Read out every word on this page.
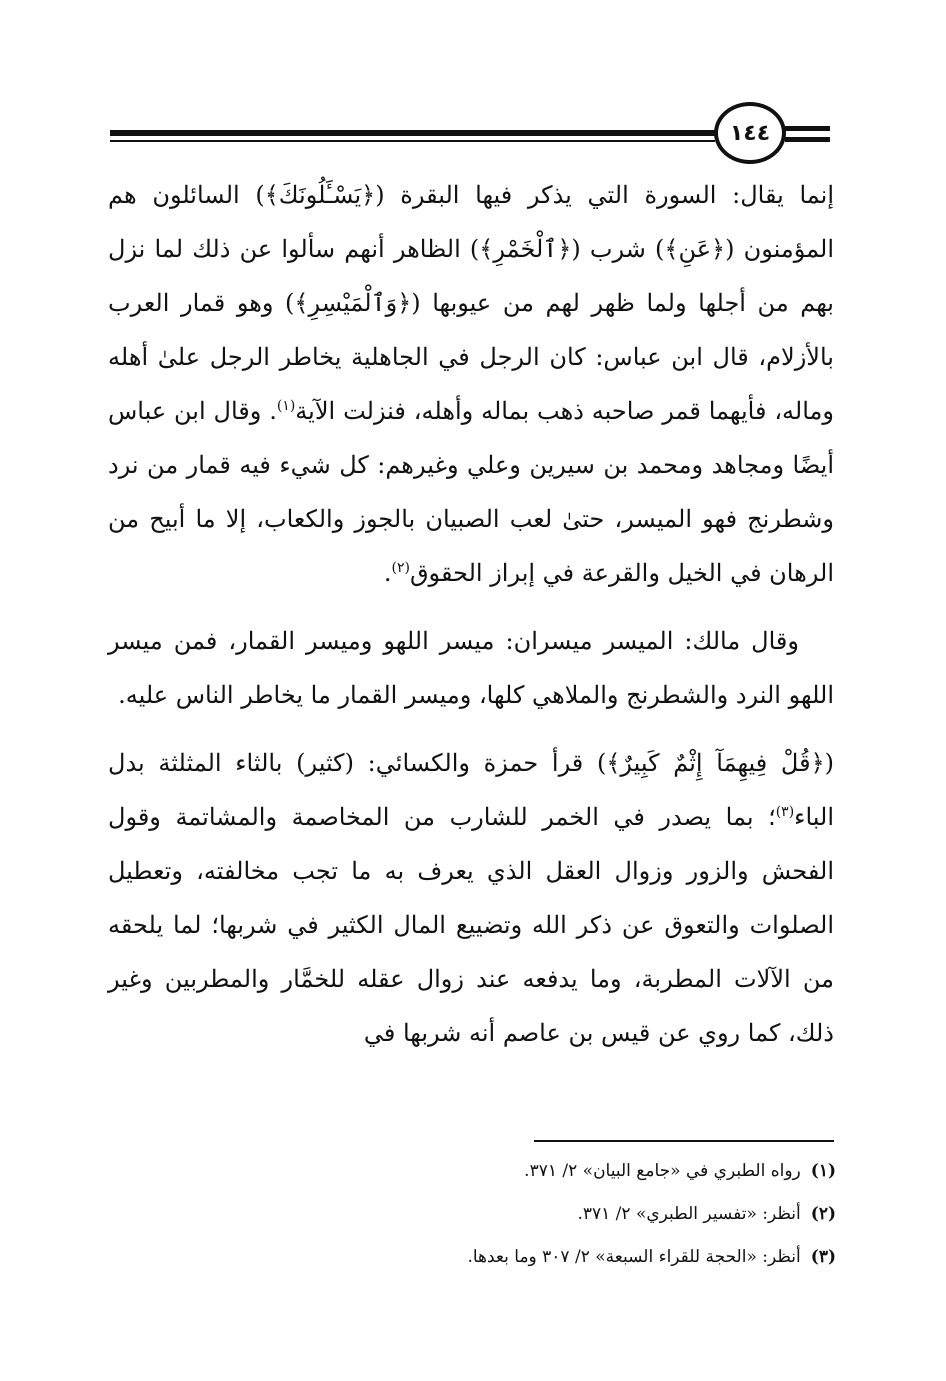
١٤٤

إنما يقال: السورة التي يذكر فيها البقرة (﴿يَسْـَٔلُونَكَ﴾) السائلون هم المؤمنون (﴿عَنِ﴾) شرب (﴿ٱلْخَمْرِ﴾) الظاهر أنهم سألوا عن ذلك لما نزل بهم من أجلها ولما ظهر لهم من عيوبها (﴿وَٱلْمَيْسِرِ﴾) وهو قمار العرب بالأزلام، قال ابن عباس: كان الرجل في الجاهلية يخاطر الرجل علىٰ أهله وماله، فأيهما قمر صاحبه ذهب بماله وأهله، فنزلت الآية$^{(١)}$. وقال ابن عباس أيضًا ومجاهد ومحمد بن سيرين وعلي وغيرهم: كل شيء فيه قمار من نرد وشطرنج فهو الميسر، حتىٰ لعب الصبيان بالجوز والكعاب، إلا ما أبيح من الرهان في الخيل والقرعة في إبراز الحقوق$^{(٢)}$.

وقال مالك: الميسر ميسران: ميسر اللهو وميسر القمار، فمن ميسر اللهو النرد والشطرنج والملاهي كلها، وميسر القمار ما يخاطر الناس عليه.

(﴿قُلْ فِيهِمَآ إِثْمٌ كَبِيرٌ﴾) قرأ حمزة والكسائي: (كثير) بالثاء المثلثة بدل الباء$^{(٣)}$؛ بما يصدر في الخمر للشارب من المخاصمة والمشاتمة وقول الفحش والزور وزوال العقل الذي يعرف به ما تجب مخالفته، وتعطيل الصلوات والتعوق عن ذكر الله وتضييع المال الكثير في شربها؛ لما يلحقه من الآلات المطربة، وما يدفعه عند زوال عقله للخمَّار والمطربين وغير ذلك، كما روي عن قيس بن عاصم أنه شربها في

(١)رواه الطبري في «جامع البيان» ٢/ ٣٧١.
(٢)أنظر: «تفسير الطبري» ٢/ ٣٧١.
(٣)أنظر: «الحجة للقراء السبعة» ٢/ ٣٠٧ وما بعدها.
